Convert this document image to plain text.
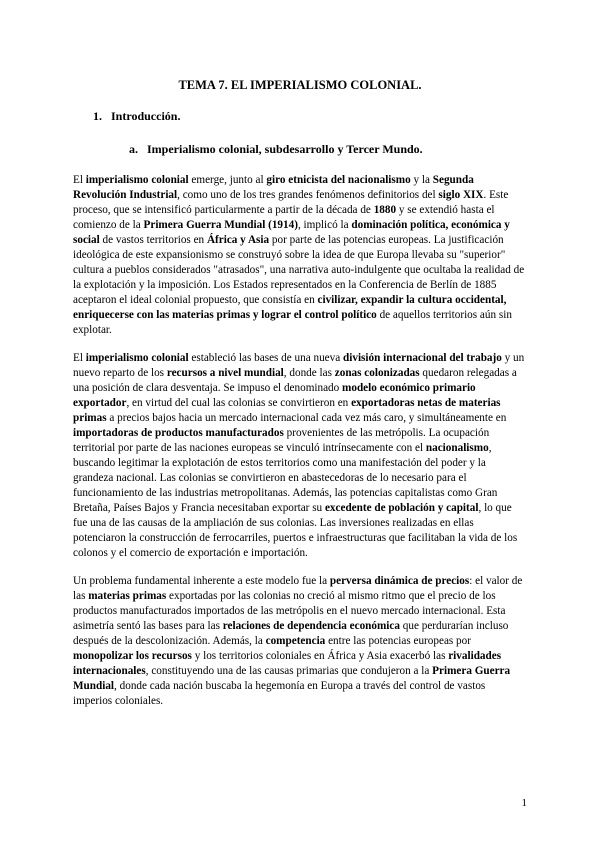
TEMA 7. EL IMPERIALISMO COLONIAL.
1. Introducción.
a. Imperialismo colonial, subdesarrollo y Tercer Mundo.

El imperialismo colonial emerge, junto al giro etnicista del nacionalismo y la Segunda Revolución Industrial, como uno de los tres grandes fenómenos definitorios del siglo XIX. Este proceso, que se intensificó particularmente a partir de la década de 1880 y se extendió hasta el comienzo de la Primera Guerra Mundial (1914), implicó la dominación política, económica y social de vastos territorios en África y Asia por parte de las potencias europeas. La justificación ideológica de este expansionismo se construyó sobre la idea de que Europa llevaba su "superior" cultura a pueblos considerados "atrasados", una narrativa auto-indulgente que ocultaba la realidad de la explotación y la imposición. Los Estados representados en la Conferencia de Berlín de 1885 aceptaron el ideal colonial propuesto, que consistía en civilizar, expandir la cultura occidental, enriquecerse con las materias primas y lograr el control político de aquellos territorios aún sin explotar.

El imperialismo colonial estableció las bases de una nueva división internacional del trabajo y un nuevo reparto de los recursos a nivel mundial, donde las zonas colonizadas quedaron relegadas a una posición de clara desventaja. Se impuso el denominado modelo económico primario exportador, en virtud del cual las colonias se convirtieron en exportadoras netas de materias primas a precios bajos hacia un mercado internacional cada vez más caro, y simultáneamente en importadoras de productos manufacturados provenientes de las metrópolis. La ocupación territorial por parte de las naciones europeas se vinculó intrínsecamente con el nacionalismo, buscando legitimar la explotación de estos territorios como una manifestación del poder y la grandeza nacional. Las colonias se convirtieron en abastecedoras de lo necesario para el funcionamiento de las industrias metropolitanas. Además, las potencias capitalistas como Gran Bretaña, Países Bajos y Francia necesitaban exportar su excedente de población y capital, lo que fue una de las causas de la ampliación de sus colonias. Las inversiones realizadas en ellas potenciaron la construcción de ferrocarriles, puertos e infraestructuras que facilitaban la vida de los colonos y el comercio de exportación e importación.

Un problema fundamental inherente a este modelo fue la perversa dinámica de precios: el valor de las materias primas exportadas por las colonias no creció al mismo ritmo que el precio de los productos manufacturados importados de las metrópolis en el nuevo mercado internacional. Esta asimetría sentó las bases para las relaciones de dependencia económica que perdurarían incluso después de la descolonización. Además, la competencia entre las potencias europeas por monopolizar los recursos y los territorios coloniales en África y Asia exacerbó las rivalidades internacionales, constituyendo una de las causas primarias que condujeron a la Primera Guerra Mundial, donde cada nación buscaba la hegemonía en Europa a través del control de vastos imperios coloniales.

1
